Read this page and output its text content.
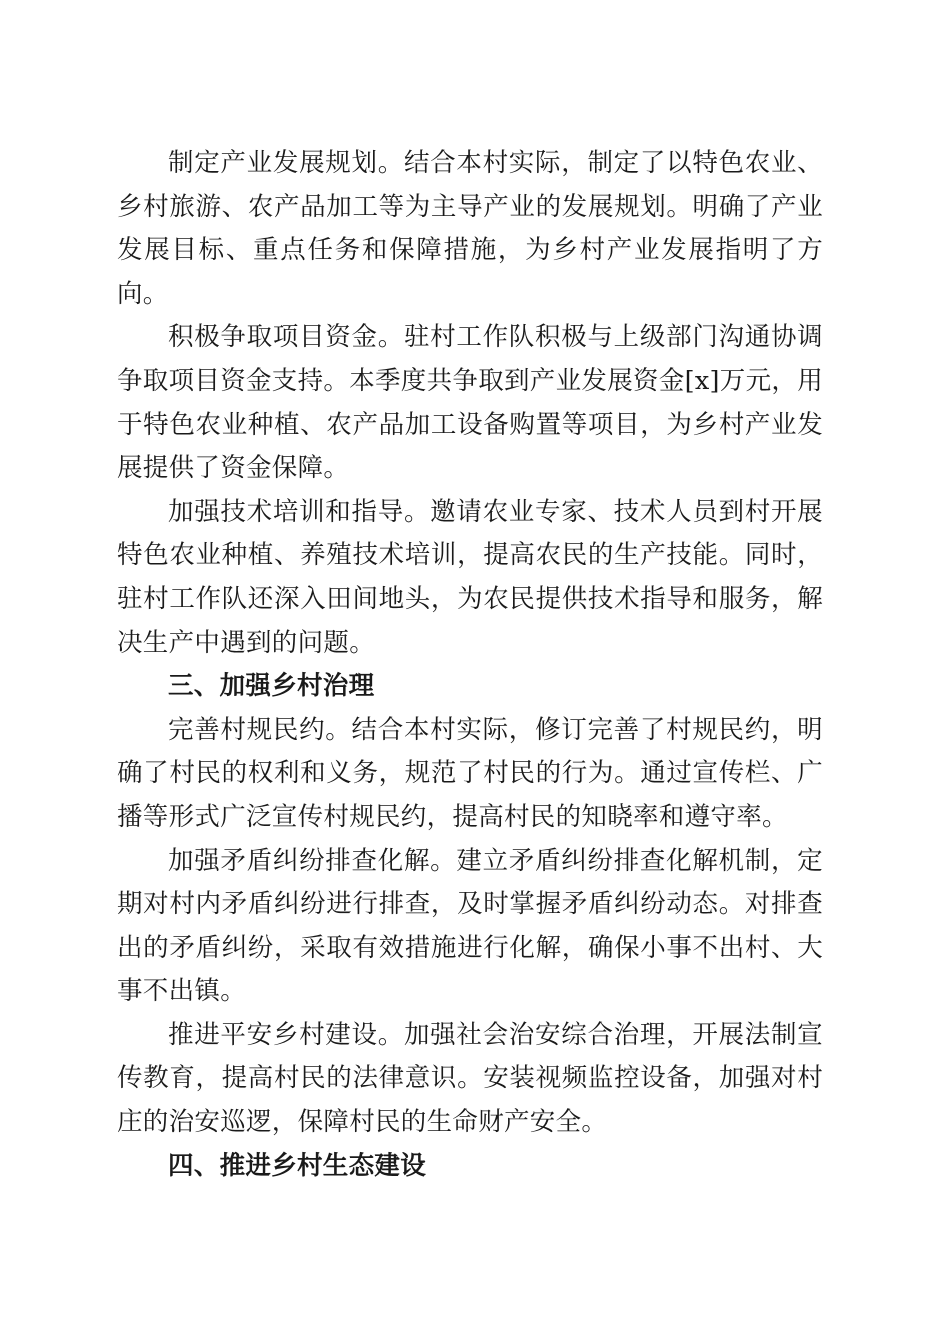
制定产业发展规划。结合本村实际，制定了以特色农业、乡村旅游、农产品加工等为主导产业的发展规划。明确了产业发展目标、重点任务和保障措施，为乡村产业发展指明了方向。

积极争取项目资金。驻村工作队积极与上级部门沟通协调争取项目资金支持。本季度共争取到产业发展资金[x]万元，用于特色农业种植、农产品加工设备购置等项目，为乡村产业发展提供了资金保障。

加强技术培训和指导。邀请农业专家、技术人员到村开展特色农业种植、养殖技术培训，提高农民的生产技能。同时，驻村工作队还深入田间地头，为农民提供技术指导和服务，解决生产中遇到的问题。

三、加强乡村治理

完善村规民约。结合本村实际，修订完善了村规民约，明确了村民的权利和义务，规范了村民的行为。通过宣传栏、广播等形式广泛宣传村规民约，提高村民的知晓率和遵守率。

加强矛盾纠纷排查化解。建立矛盾纠纷排查化解机制，定期对村内矛盾纠纷进行排查，及时掌握矛盾纠纷动态。对排查出的矛盾纠纷，采取有效措施进行化解，确保小事不出村、大事不出镇。

推进平安乡村建设。加强社会治安综合治理，开展法制宣传教育，提高村民的法律意识。安装视频监控设备，加强对村庄的治安巡逻，保障村民的生命财产安全。

四、推进乡村生态建设
